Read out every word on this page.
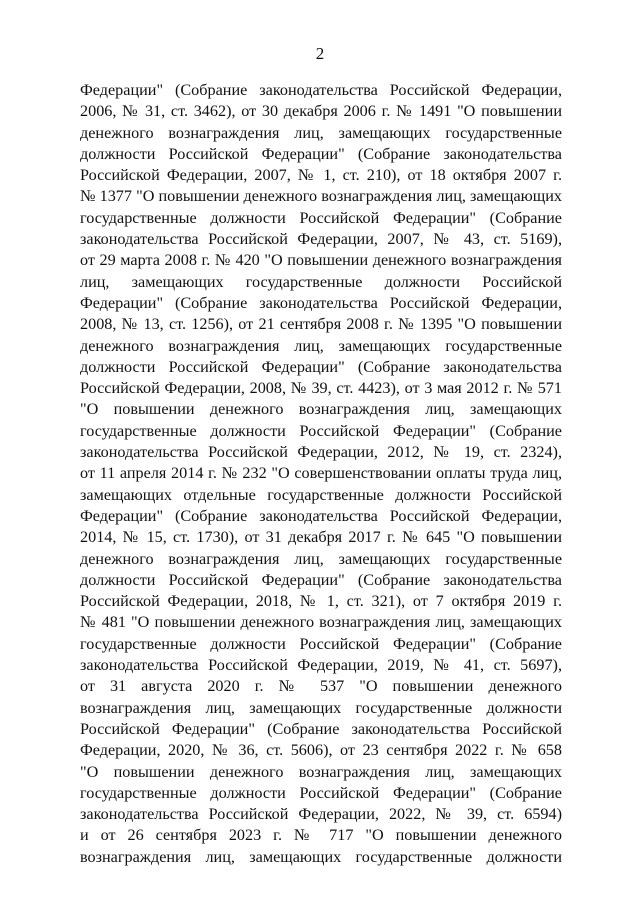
2
Федерации" (Собрание законодательства Российской Федерации,
2006, № 31, ст. 3462), от 30 декабря 2006 г. № 1491 "О повышении
денежного вознаграждения лиц, замещающих государственные
должности Российской Федерации" (Собрание законодательства
Российской Федерации, 2007, № 1, ст. 210), от 18 октября 2007 г.
№ 1377 "О повышении денежного вознаграждения лиц, замещающих
государственные должности Российской Федерации" (Собрание
законодательства Российской Федерации, 2007, № 43, ст. 5169),
от 29 марта 2008 г. № 420 "О повышении денежного вознаграждения
лиц, замещающих государственные должности Российской
Федерации" (Собрание законодательства Российской Федерации,
2008, № 13, ст. 1256), от 21 сентября 2008 г. № 1395 "О повышении
денежного вознаграждения лиц, замещающих государственные
должности Российской Федерации" (Собрание законодательства
Российской Федерации, 2008, № 39, ст. 4423), от 3 мая 2012 г. № 571
"О повышении денежного вознаграждения лиц, замещающих
государственные должности Российской Федерации" (Собрание
законодательства Российской Федерации, 2012, № 19, ст. 2324),
от 11 апреля 2014 г. № 232 "О совершенствовании оплаты труда лиц,
замещающих отдельные государственные должности Российской
Федерации" (Собрание законодательства Российской Федерации,
2014, № 15, ст. 1730), от 31 декабря 2017 г. № 645 "О повышении
денежного вознаграждения лиц, замещающих государственные
должности Российской Федерации" (Собрание законодательства
Российской Федерации, 2018, № 1, ст. 321), от 7 октября 2019 г.
№ 481 "О повышении денежного вознаграждения лиц, замещающих
государственные должности Российской Федерации" (Собрание
законодательства Российской Федерации, 2019, № 41, ст. 5697),
от 31 августа 2020 г. № 537 "О повышении денежного
вознаграждения лиц, замещающих государственные должности
Российской Федерации" (Собрание законодательства Российской
Федерации, 2020, № 36, ст. 5606), от 23 сентября 2022 г. № 658
"О повышении денежного вознаграждения лиц, замещающих
государственные должности Российской Федерации" (Собрание
законодательства Российской Федерации, 2022, № 39, ст. 6594)
и от 26 сентября 2023 г. № 717 "О повышении денежного
вознаграждения лиц, замещающих государственные должности
